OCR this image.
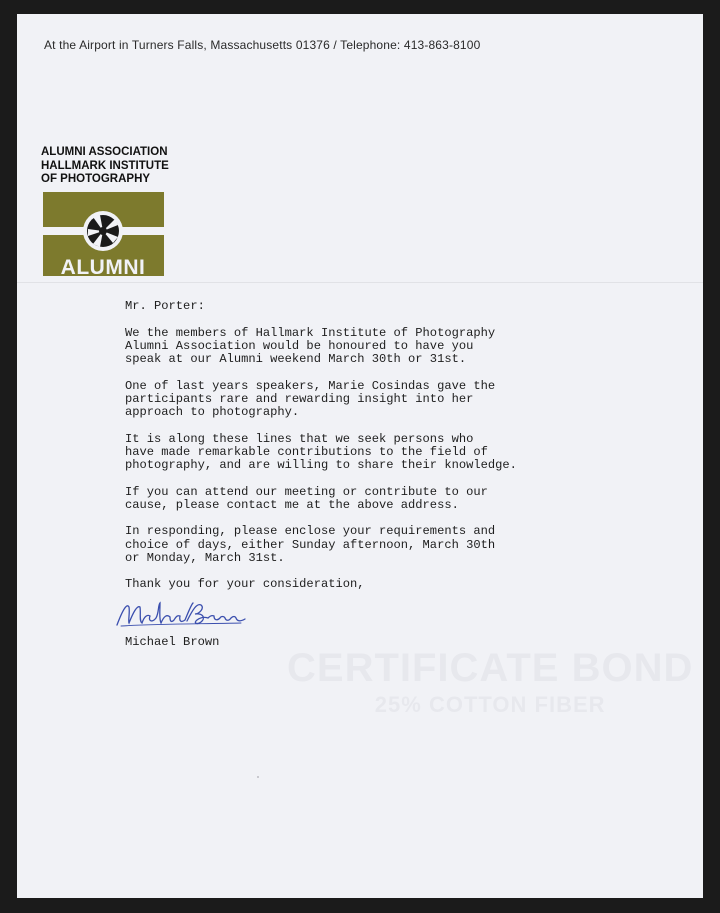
At the Airport in Turners Falls, Massachusetts 01376 / Telephone: 413-863-8100
ALUMNI ASSOCIATION
HALLMARK INSTITUTE
OF PHOTOGRAPHY
ALUMNI

Mr. Porter:

We the members of Hallmark Institute of Photography
Alumni Association would be honoured to have you
speak at our Alumni weekend March 30th or 31st.

One of last years speakers, Marie Cosindas gave the
participants rare and rewarding insight into her
approach to photography.

It is along these lines that we seek persons who
have made remarkable contributions to the field of
photography, and are willing to share their knowledge.

If you can attend our meeting or contribute to our
cause, please contact me at the above address.

In responding, please enclose your requirements and
choice of days, either Sunday afternoon, March 30th
or Monday, March 31st.

Thank you for your consideration,

Michael Brown
CERTIFICATE BOND
25% COTTON FIBER
